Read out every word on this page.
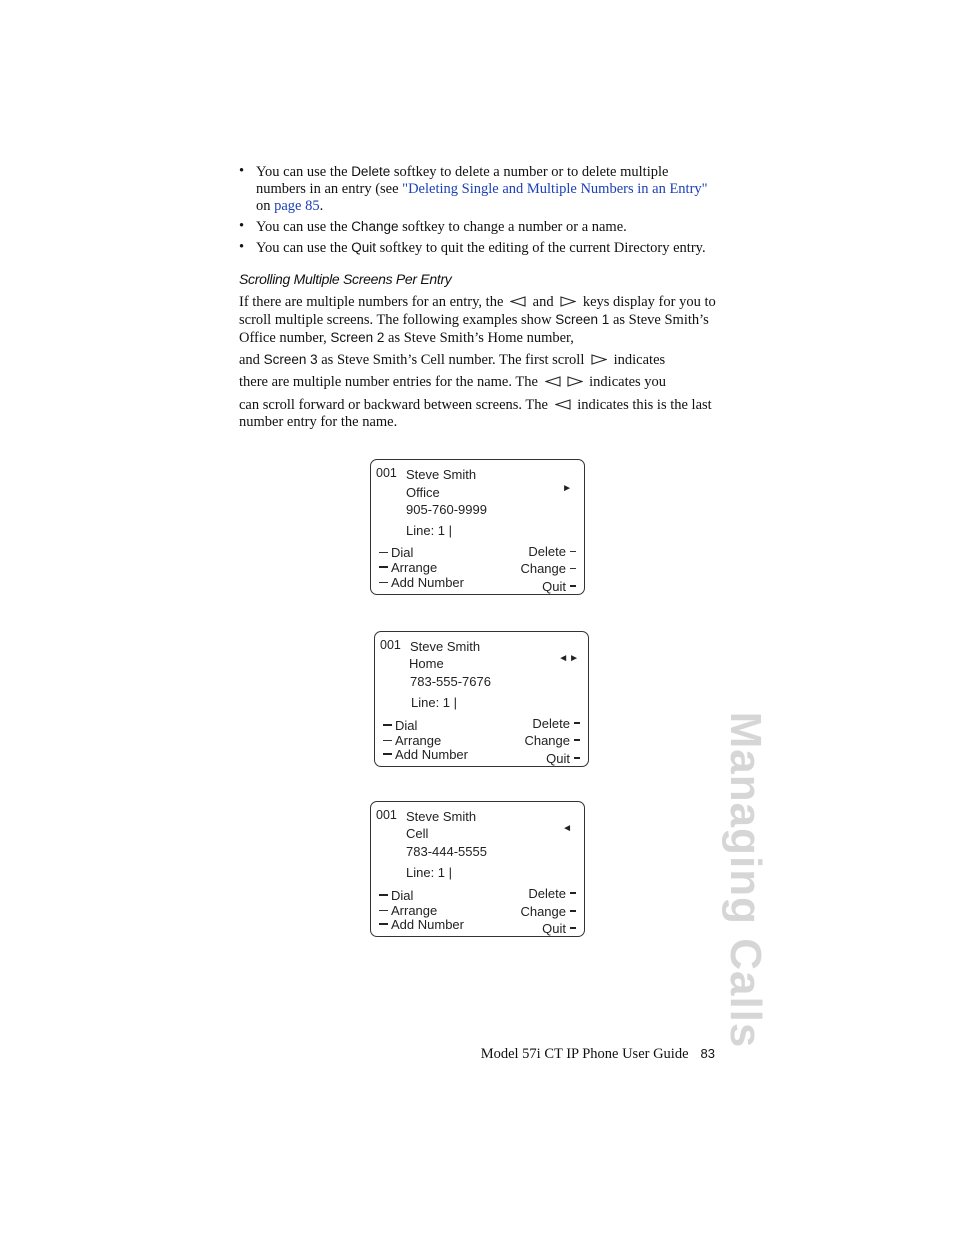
• You can use the Delete softkey to delete a number or to delete multiple numbers in an entry (see "Deleting Single and Multiple Numbers in an Entry" on page 85.
• You can use the Change softkey to change a number or a name.
• You can use the Quit softkey to quit the editing of the current Directory entry.
Scrolling Multiple Screens Per Entry

If there are multiple numbers for an entry, the  and  keys display for you to scroll multiple screens. The following examples show Screen 1 as Steve Smith’s Office number, Screen 2 as Steve Smith’s Home number,

and Screen 3 as Steve Smith’s Cell number. The first scroll  indicates

there are multiple number entries for the name. The	indicates you

can scroll forward or backward between screens. The  indicates this is the last number entry for the name.

001 Steve Smith
Office
905-760-9999
Line: 1 |
►
Dial
Arrange
Add Number
Delete
Change
Quit
001 Steve Smith
Home
783-555-7676
Line: 1 |
◄►
Dial
Arrange
Add Number
Delete
Change
Quit
001 Steve Smith
Cell
783-444-5555
Line: 1 |
◄
Dial
Arrange
Add Number
Delete
Change
Quit	Managing Calls
Model 57i CT IP Phone User Guide 83
